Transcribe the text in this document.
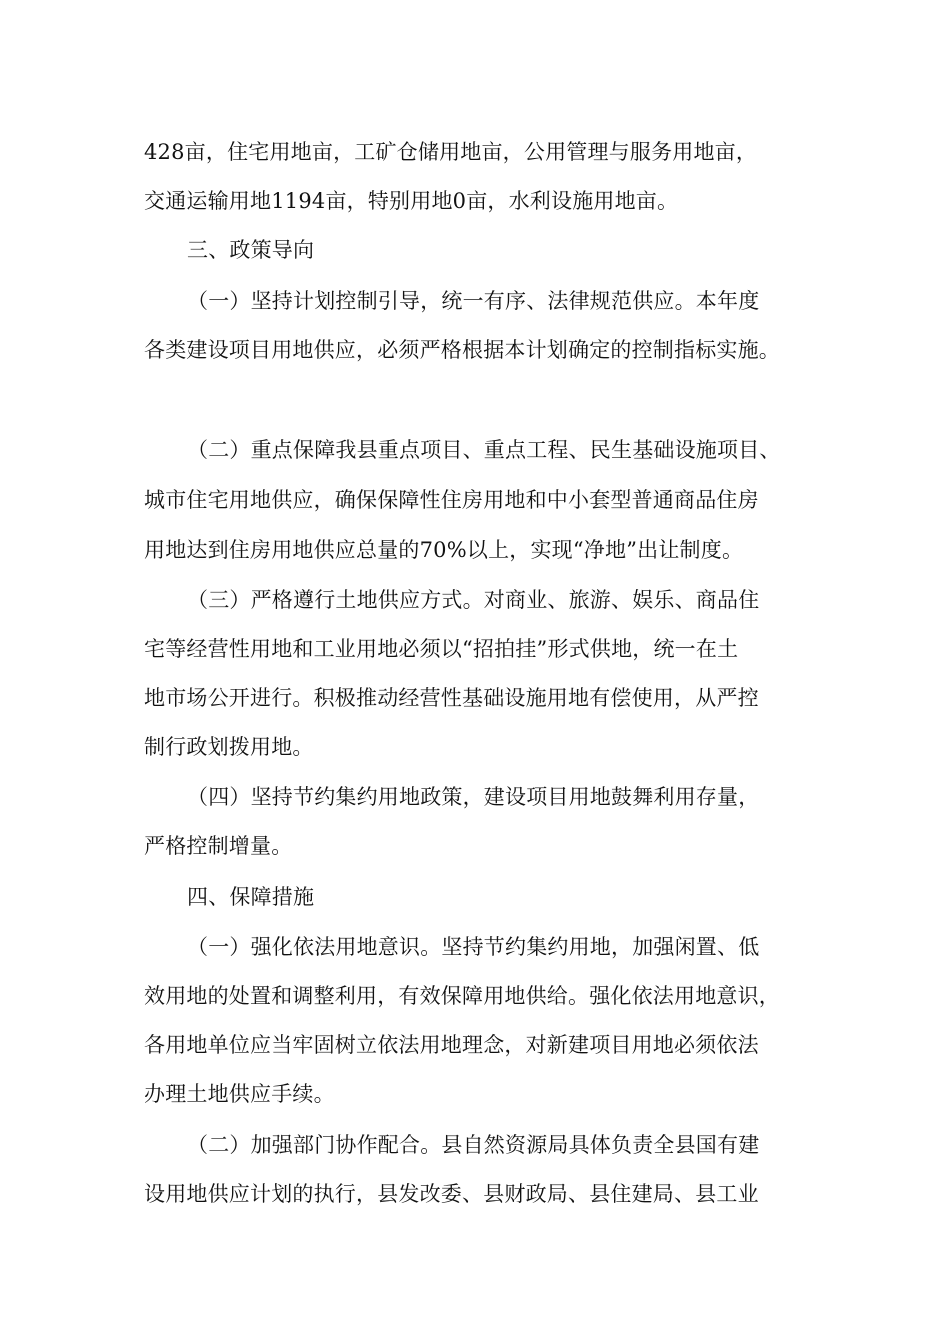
428亩，住宅用地亩，工矿仓储用地亩，公用管理与服务用地亩，
交通运输用地1194亩，特别用地0亩，水利设施用地亩。
三、政策导向
（一）坚持计划控制引导，统一有序、法律规范供应。本年度
各类建设项目用地供应，必须严格根据本计划确定的控制指标实施。
（二）重点保障我县重点项目、重点工程、民生基础设施项目、
城市住宅用地供应，确保保障性住房用地和中小套型普通商品住房
用地达到住房用地供应总量的70%以上，实现“净地”出让制度。
（三）严格遵行土地供应方式。对商业、旅游、娱乐、商品住
宅等经营性用地和工业用地必须以“招拍挂”形式供地，统一在土
地市场公开进行。积极推动经营性基础设施用地有偿使用，从严控
制行政划拨用地。
（四）坚持节约集约用地政策，建设项目用地鼓舞利用存量，
严格控制增量。
四、保障措施
（一）强化依法用地意识。坚持节约集约用地，加强闲置、低
效用地的处置和调整利用，有效保障用地供给。强化依法用地意识，
各用地单位应当牢固树立依法用地理念，对新建项目用地必须依法
办理土地供应手续。
（二）加强部门协作配合。县自然资源局具体负责全县国有建
设用地供应计划的执行，县发改委、县财政局、县住建局、县工业
